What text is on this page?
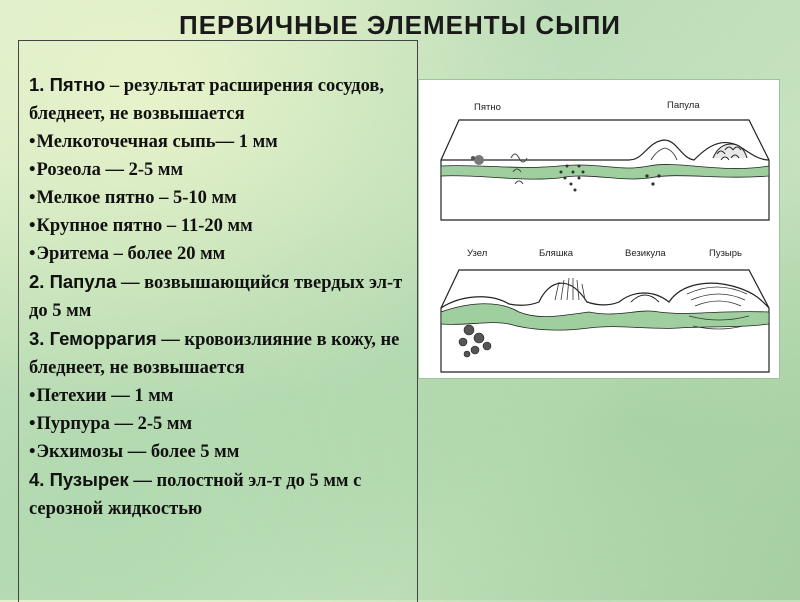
ПЕРВИЧНЫЕ ЭЛЕМЕНТЫ СЫПИ
1. Пятно – результат расширения сосудов, бледнеет, не возвышается
• Мелкоточечная сыпь— 1 мм
• Розеола — 2-5 мм
• Мелкое пятно – 5-10 мм
• Крупное пятно – 11-20 мм
• Эритема – более 20 мм
2. Папула — возвышающийся твердых эл-т до 5 мм
3. Геморрагия — кровоизлияние в кожу, не бледнеет, не возвышается
• Петехии — 1 мм
• Пурпура — 2-5 мм
• Экхимозы — более 5 мм
4. Пузырек — полостной эл-т до 5 мм с серозной жидкостью
Пятно	Папула
Узел	Бляшка	Везикула	Пузырь
